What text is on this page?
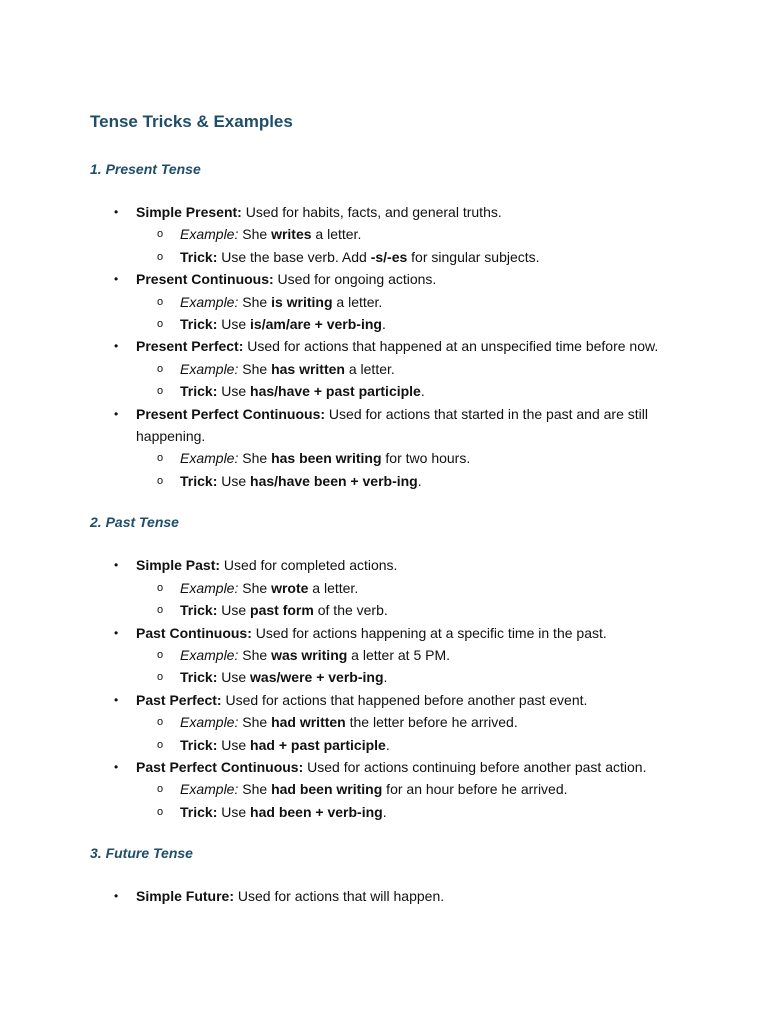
Tense Tricks & Examples
1. Present Tense
• Simple Present: Used for habits, facts, and general truths.
o Example: She writes a letter.
o Trick: Use the base verb. Add -s/-es for singular subjects.
• Present Continuous: Used for ongoing actions.
o Example: She is writing a letter.
o Trick: Use is/am/are + verb-ing.
• Present Perfect: Used for actions that happened at an unspecified time before now.
o Example: She has written a letter.
o Trick: Use has/have + past participle.
• Present Perfect Continuous: Used for actions that started in the past and are still happening.
o Example: She has been writing for two hours.
o Trick: Use has/have been + verb-ing.
2. Past Tense
• Simple Past: Used for completed actions.
o Example: She wrote a letter.
o Trick: Use past form of the verb.
• Past Continuous: Used for actions happening at a specific time in the past.
o Example: She was writing a letter at 5 PM.
o Trick: Use was/were + verb-ing.
• Past Perfect: Used for actions that happened before another past event.
o Example: She had written the letter before he arrived.
o Trick: Use had + past participle.
• Past Perfect Continuous: Used for actions continuing before another past action.
o Example: She had been writing for an hour before he arrived.
o Trick: Use had been + verb-ing.
3. Future Tense
• Simple Future: Used for actions that will happen.
